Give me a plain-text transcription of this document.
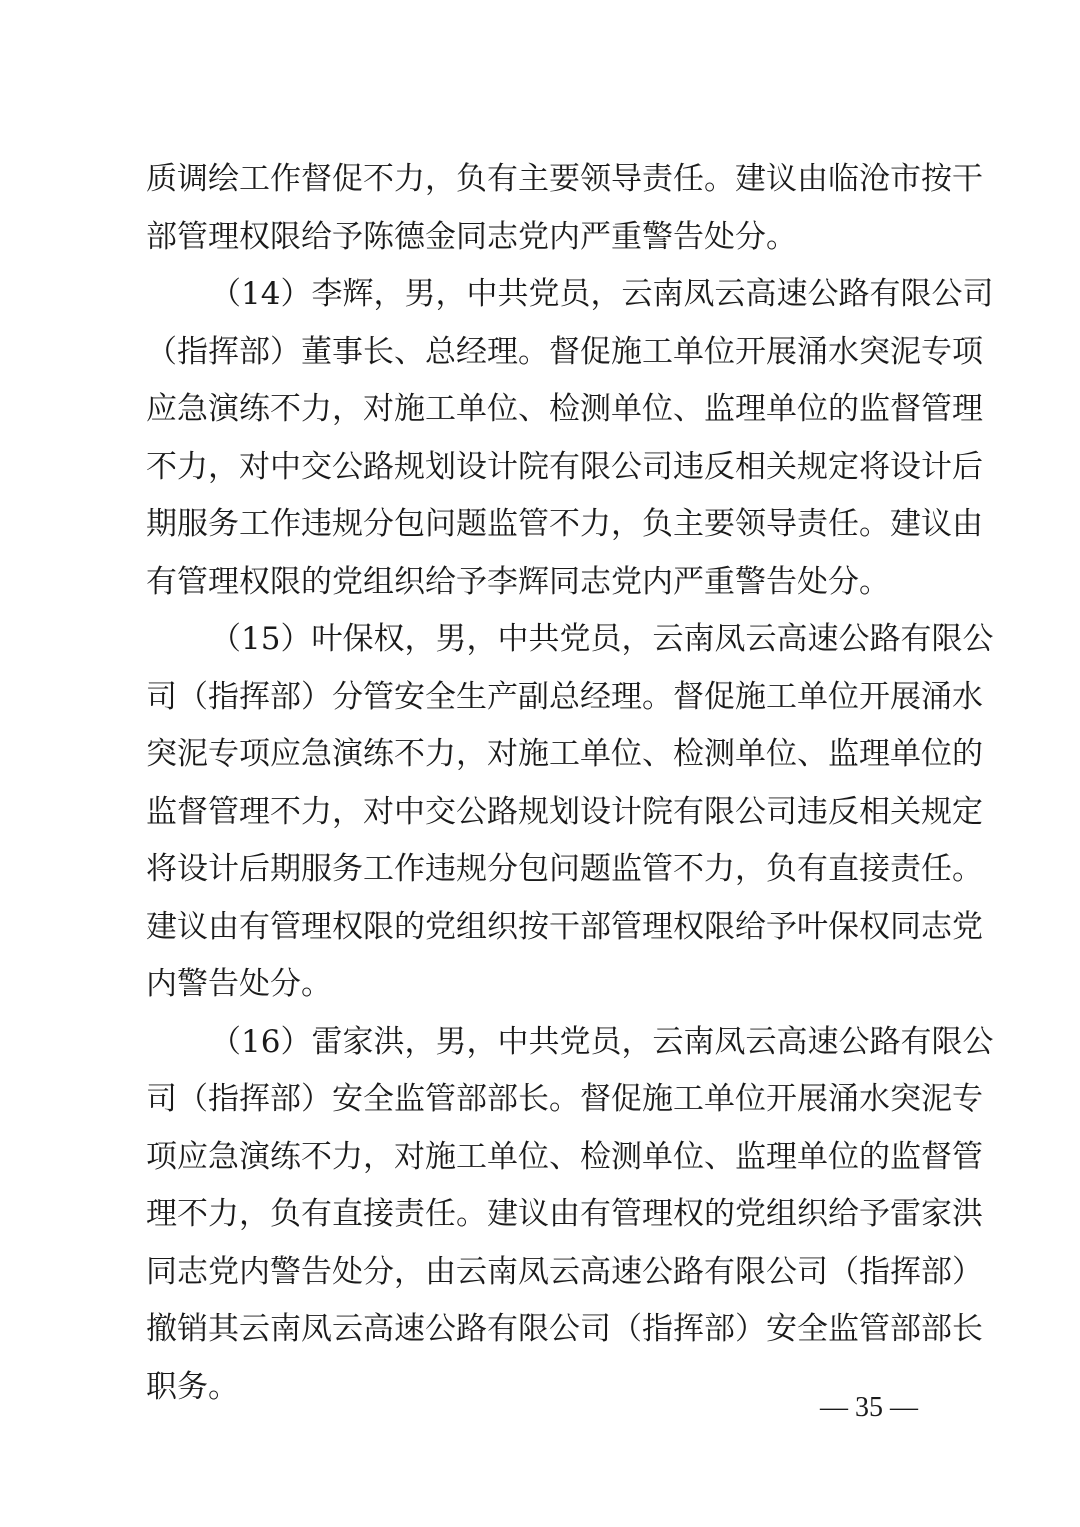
质调绘工作督促不力，负有主要领导责任。建议由临沧市按干
部管理权限给予陈德金同志党内严重警告处分。
（14）李辉，男，中共党员，云南凤云高速公路有限公司
（指挥部）董事长、总经理。督促施工单位开展涌水突泥专项
应急演练不力，对施工单位、检测单位、监理单位的监督管理
不力，对中交公路规划设计院有限公司违反相关规定将设计后
期服务工作违规分包问题监管不力，负主要领导责任。建议由
有管理权限的党组织给予李辉同志党内严重警告处分。
（15）叶保权，男，中共党员，云南凤云高速公路有限公
司（指挥部）分管安全生产副总经理。督促施工单位开展涌水
突泥专项应急演练不力，对施工单位、检测单位、监理单位的
监督管理不力，对中交公路规划设计院有限公司违反相关规定
将设计后期服务工作违规分包问题监管不力，负有直接责任。
建议由有管理权限的党组织按干部管理权限给予叶保权同志党
内警告处分。
（16）雷家洪，男，中共党员，云南凤云高速公路有限公
司（指挥部）安全监管部部长。督促施工单位开展涌水突泥专
项应急演练不力，对施工单位、检测单位、监理单位的监督管
理不力，负有直接责任。建议由有管理权的党组织给予雷家洪
同志党内警告处分，由云南凤云高速公路有限公司（指挥部）
撤销其云南凤云高速公路有限公司（指挥部）安全监管部部长
职务。
— 35 —
